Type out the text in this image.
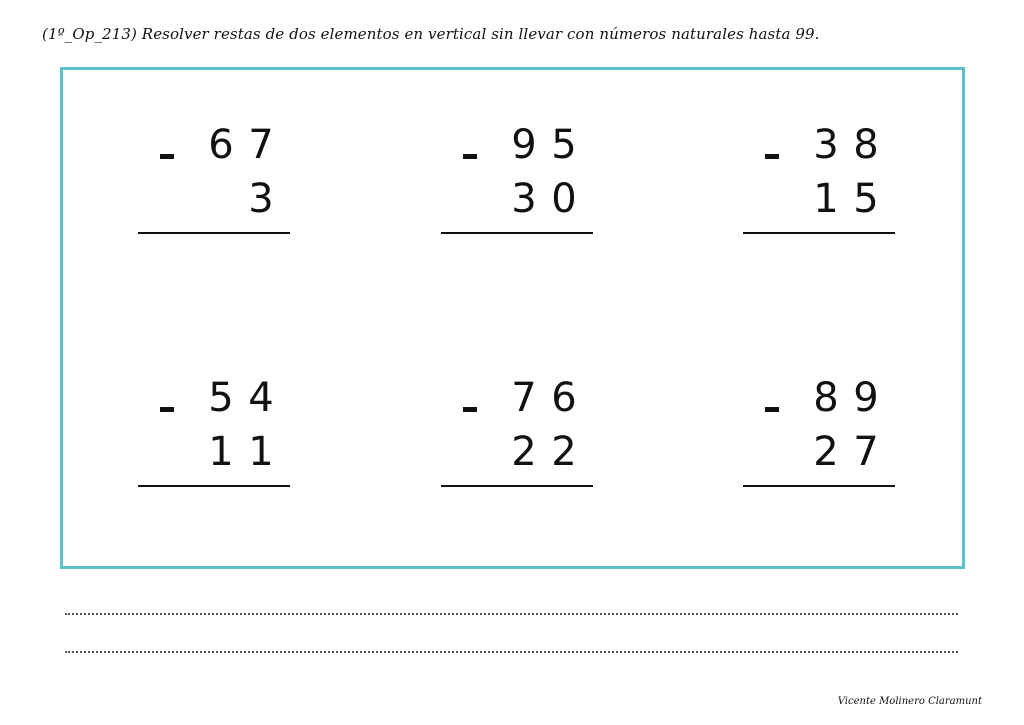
(1º_Op_213) Resolver restas de dos elementos en vertical sin llevar con números naturales hasta 99.
6 7
3
9 5
3 0
3 8
1 5
5 4
1 1
7 6
2 2
8 9
2 7
Vicente Molinero Claramunt
